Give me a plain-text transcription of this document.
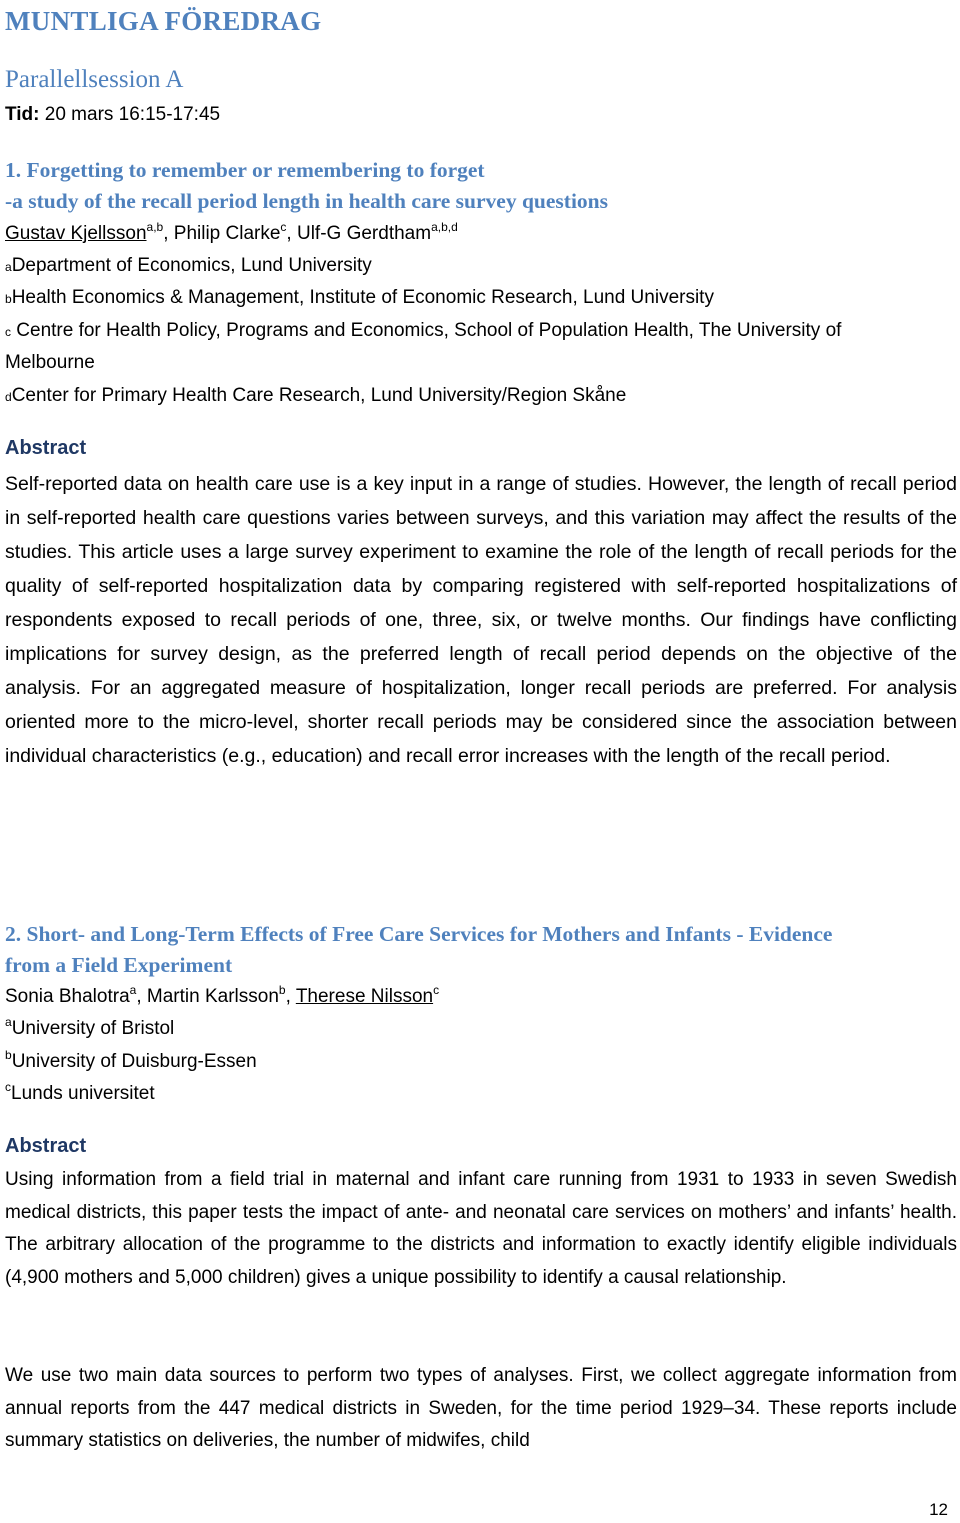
MUNTLIGA FÖREDRAG
Parallellsession A
Tid: 20 mars 16:15-17:45
1. Forgetting to remember or remembering to forget
-a study of the recall period length in health care survey questions
Gustav Kjellsson$^{a,b}$, Philip Clarke$^c$, Ulf-G Gerdtham$^{a,b,d}$
aDepartment of Economics, Lund University
bHealth Economics & Management, Institute of Economic Research, Lund University
c Centre for Health Policy, Programs and Economics, School of Population Health, The University of
Melbourne
dCenter for Primary Health Care Research, Lund University/Region Skåne
Abstract
Self-reported data on health care use is a key input in a range of studies. However, the length of recall period in self-reported health care questions varies between surveys, and this variation may affect the results of the studies. This article uses a large survey experiment to examine the role of the length of recall periods for the quality of self-reported hospitalization data by comparing registered with self-reported hospitalizations of respondents exposed to recall periods of one, three, six, or twelve months. Our findings have conflicting implications for survey design, as the preferred length of recall period depends on the objective of the analysis. For an aggregated measure of hospitalization, longer recall periods are preferred. For analysis oriented more to the micro-level, shorter recall periods may be considered since the association between individual characteristics (e.g., education) and recall error increases with the length of the recall period.
2. Short- and Long-Term Effects of Free Care Services for Mothers and Infants - Evidence
from a Field Experiment
Sonia Bhalotra$^a$, Martin Karlsson$^b$, Therese Nilsson$^c$
$^a$University of Bristol
$^b$University of Duisburg-Essen
$^c$Lunds universitet
Abstract
Using information from a field trial in maternal and infant care running from 1931 to 1933 in seven Swedish medical districts, this paper tests the impact of ante- and neonatal care services on mothers’ and infants’ health. The arbitrary allocation of the programme to the districts and information to exactly identify eligible individuals (4,900 mothers and 5,000 children) gives a unique possibility to identify a causal relationship.
We use two main data sources to perform two types of analyses. First, we collect aggregate information from annual reports from the 447 medical districts in Sweden, for the time period 1929–34. These reports include summary statistics on deliveries, the number of midwifes, child
12
